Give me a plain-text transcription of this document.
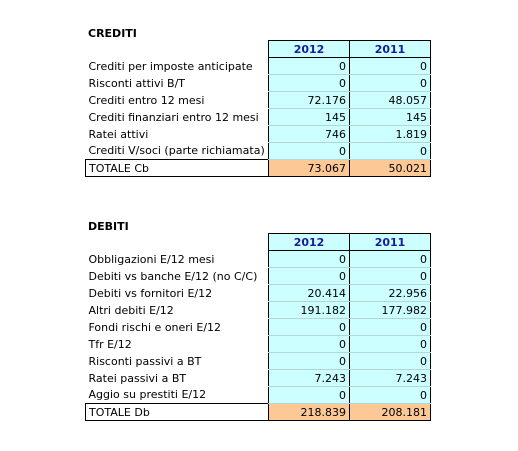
CREDITI
	2012	2011
Crediti per imposte anticipate	0	0
Risconti attivi B/T	0	0
Crediti entro 12 mesi	72.176	48.057
Crediti finanziari entro 12 mesi	145	145
Ratei attivi	746	1.819
Crediti V/soci (parte richiamata)	0	0
TOTALE Cb	73.067	50.021
DEBITI
	2012	2011
Obbligazioni E/12 mesi	0	0
Debiti vs banche E/12 (no C/C)	0	0
Debiti vs fornitori E/12	20.414	22.956
Altri debiti E/12	191.182	177.982
Fondi rischi e oneri E/12	0	0
Tfr E/12	0	0
Risconti passivi a BT	0	0
Ratei passivi a BT	7.243	7.243
Aggio su prestiti E/12	0	0
TOTALE Db	218.839	208.181
